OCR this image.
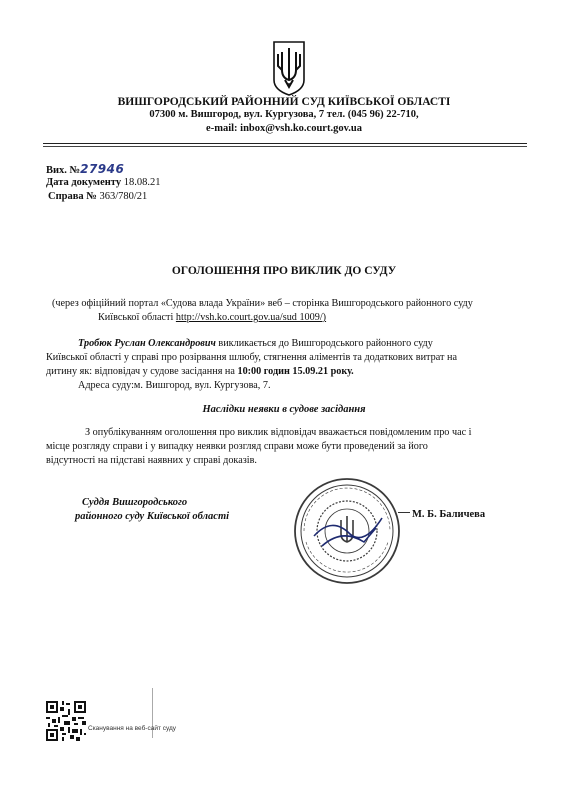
ВИШГОРОДСЬКИЙ РАЙОННИЙ СУД КИЇВСЬКОЇ ОБЛАСТІ
07300 м. Вишгород, вул. Кургузова, 7 тел. (045 96) 22-710,
e-mail: inbox@vsh.ko.court.gov.ua
Вих. №27946
Дата документу 18.08.21
Справа № 363/780/21
ОГОЛОШЕННЯ ПРО ВИКЛИК ДО СУДУ
(через офіційний портал «Судова влада України» веб – сторінка Вишгородського районного суду
Київської області http://vsh.ko.court.gov.ua/sud 1009/)
Тробюк Руслан Олександрович викликається до Вишгородського районного суду
Київської області у справі про розірвання шлюбу, стягнення аліментів та додаткових витрат на
дитину як: відповідач у судове засідання на 10:00 годин 15.09.21 року.
Адреса суду:м. Вишгород, вул. Кургузова, 7.
Наслідки неявки в судове засідання
З опублікуванням оголошення про виклик відповідач вважається повідомленим про час і
місце розгляду справи і у випадку неявки розгляд справи може бути проведений за його
відсутності на підставі наявних у справі доказів.
Суддя Вишгородського
районного суду Київської області	М. Б. Баличева
Сканування на веб-сайт суду
